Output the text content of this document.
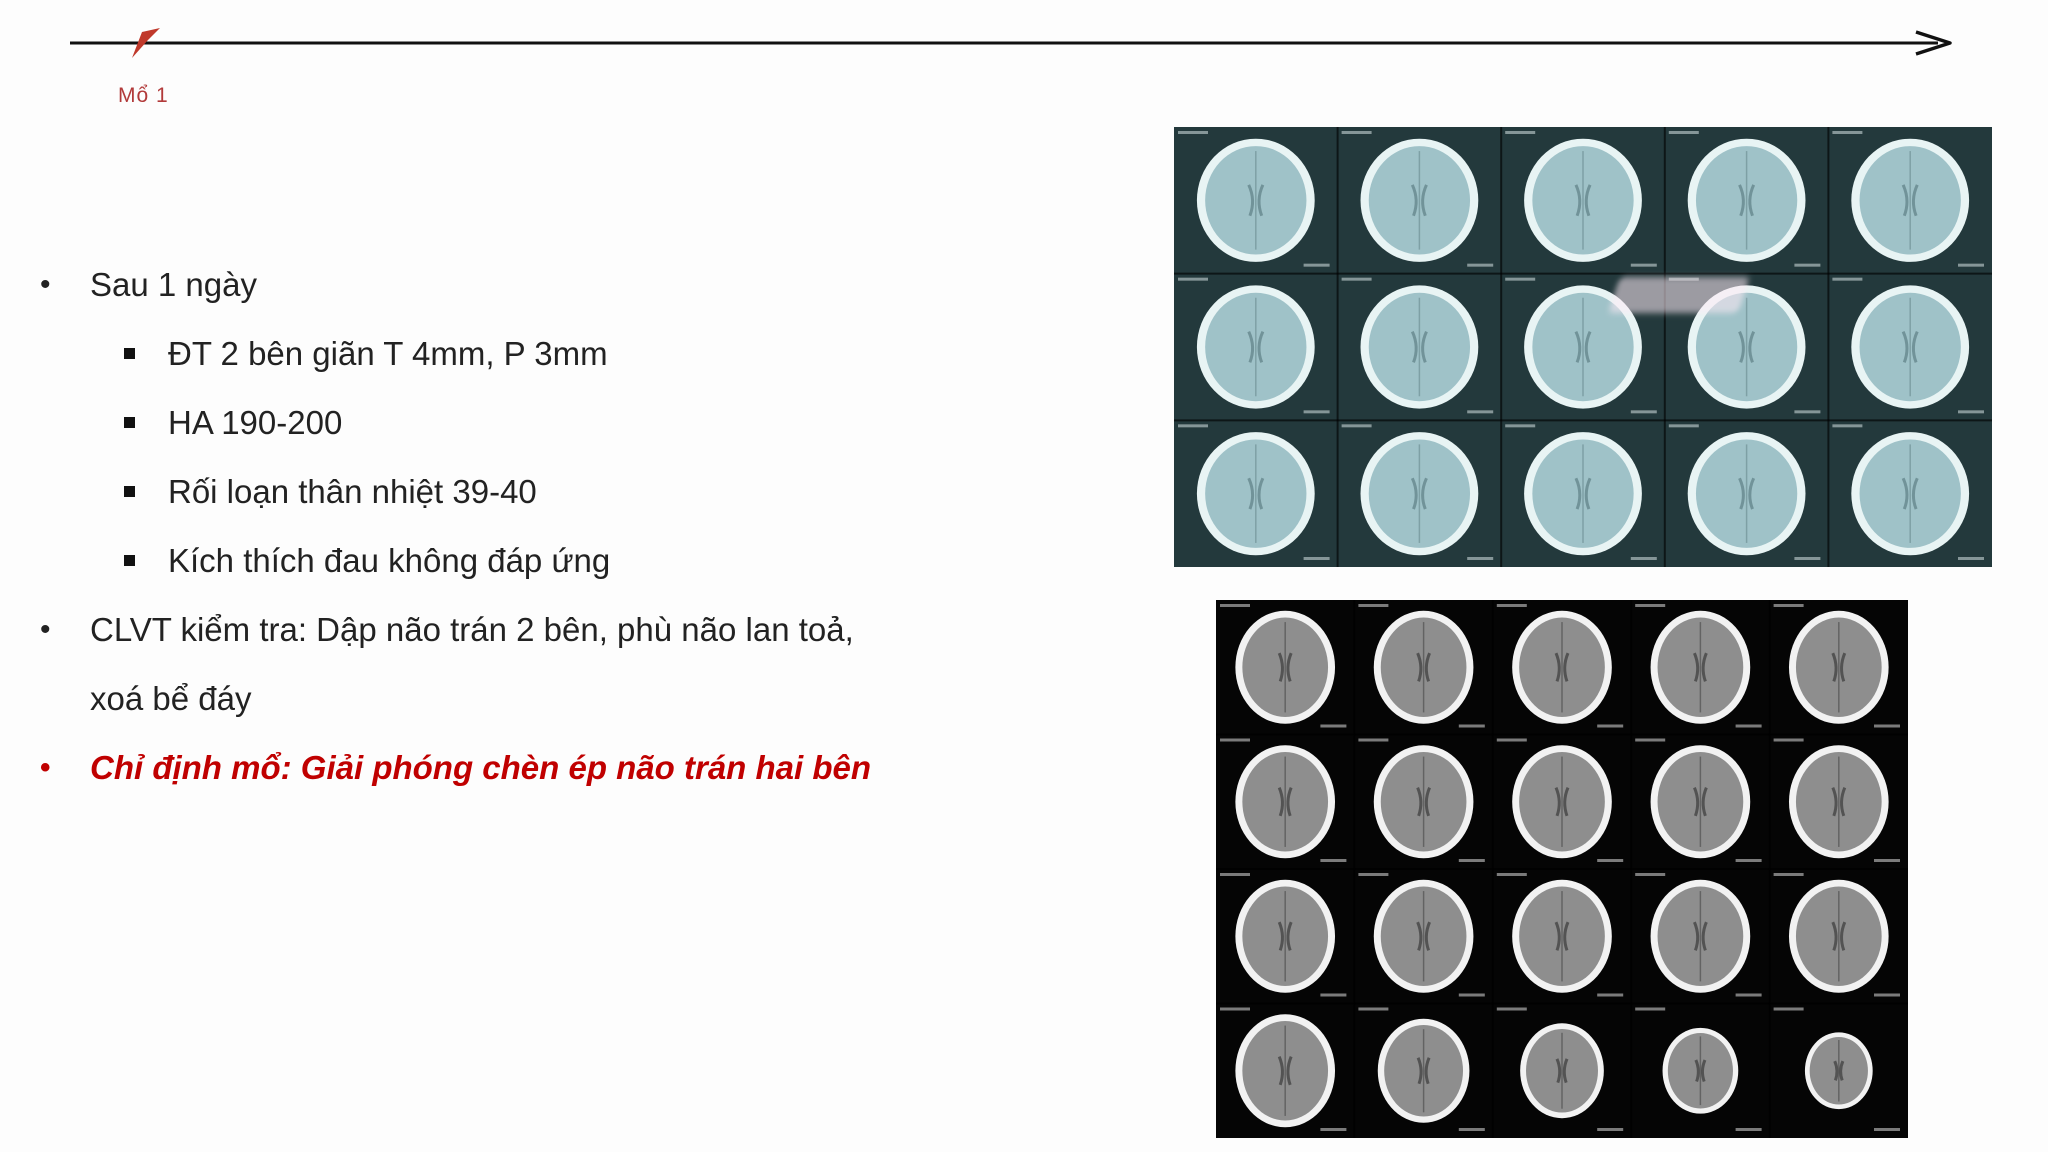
Mổ 1
•	Sau 1 ngày
ĐT 2 bên giãn T 4mm, P 3mm
HA 190-200
Rối loạn thân nhiệt 39-40
Kích thích đau không đáp ứng
•	CLVT kiểm tra: Dập não trán 2 bên, phù não lan toả,
xoá bể đáy
•	Chỉ định mổ: Giải phóng chèn ép não trán hai bên
